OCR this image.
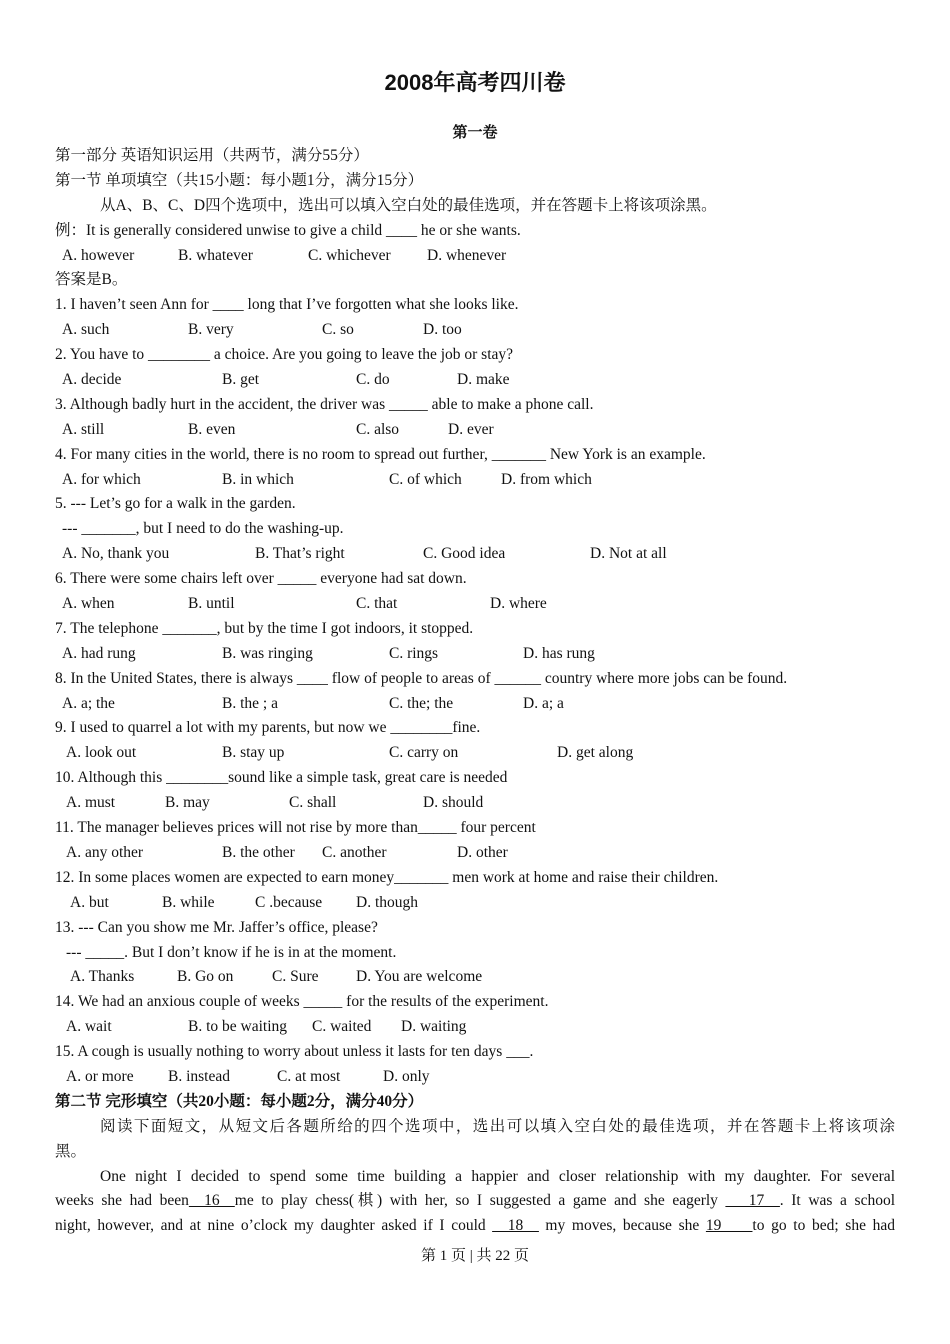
2008年高考四川卷
第一卷
第一部分 英语知识运用（共两节，满分55分）
第一节 单项填空（共15小题：每小题1分，满分15分）
从A、B、C、D四个选项中，选出可以填入空白处的最佳选项，并在答题卡上将该项涂黑。
例：It is generally considered unwise to give a child ____ he or she wants.
A. however	B. whatever	C. whichever D. whenever
答案是B。
1. I haven’t seen Ann for ____ long that I’ve forgotten what she looks like.
A. such	B. very	C. so	D. too
2. You have to ________ a choice. Are you going to leave the job or stay?
A. decide	B. get	C. do	D. make
3. Although badly hurt in the accident, the driver was _____ able to make a phone call.
A. still	B. even	C. also	D. ever
4. For many cities in the world, there is no room to spread out further, _______ New York is an example.
A. for which	B. in which	C. of which	D. from which
5. --- Let’s go for a walk in the garden.
--- _______, but I need to do the washing-up.
A. No, thank you	B. That’s right	C. Good idea	D. Not at all
6. There were some chairs left over _____ everyone had sat down.
A. when	B. until	C. that	D. where
7. The telephone _______, but by the time I got indoors, it stopped.
A. had rung	B. was ringing	C. rings	D. has rung
8. In the United States, there is always ____ flow of people to areas of ______ country where more jobs can be found.
A. a; the	B. the ; a	C. the; the	D. a; a
9. I used to quarrel a lot with my parents, but now we ________fine.
A. look out	B. stay up	C. carry on	D. get along
10. Although this ________sound like a simple task, great care is needed
A. must	B. may	C. shall	D. should
11. The manager believes prices will not rise by more than_____ four percent
A. any other	B. the other C. another	D. other
12. In some places women are expected to earn money_______ men work at home and raise their children.
A. but	B. while	C .because D. though
13. --- Can you show me Mr. Jaffer’s office, please?
--- _____. But I don’t know if he is in at the moment.
A. Thanks	B. Go on C. Sure D. You are welcome
14. We had an anxious couple of weeks _____ for the results of the experiment.
A. wait	B. to be waiting C. waited D. waiting
15. A cough is usually nothing to worry about unless it lasts for ten days ___.
A. or more B. instead	C. at most	D. only
第二节 完形填空（共20小题：每小题2分，满分40分）
阅读下面短文，从短文后各题所给的四个选项中，选出可以填入空白处的最佳选项，并在答题卡上将该项涂
黑。
One night I decided to spend some time building a happier and closer relationship with my daughter. For several
weeks she had been  16  me to play chess(棋) with her, so I suggested a game and she eagerly ___17__. It was a school
night, however, and at nine o’clock my daughter asked if I could __18__ my moves, because she 19____to go to bed; she had
第 1 页 | 共 22 页
